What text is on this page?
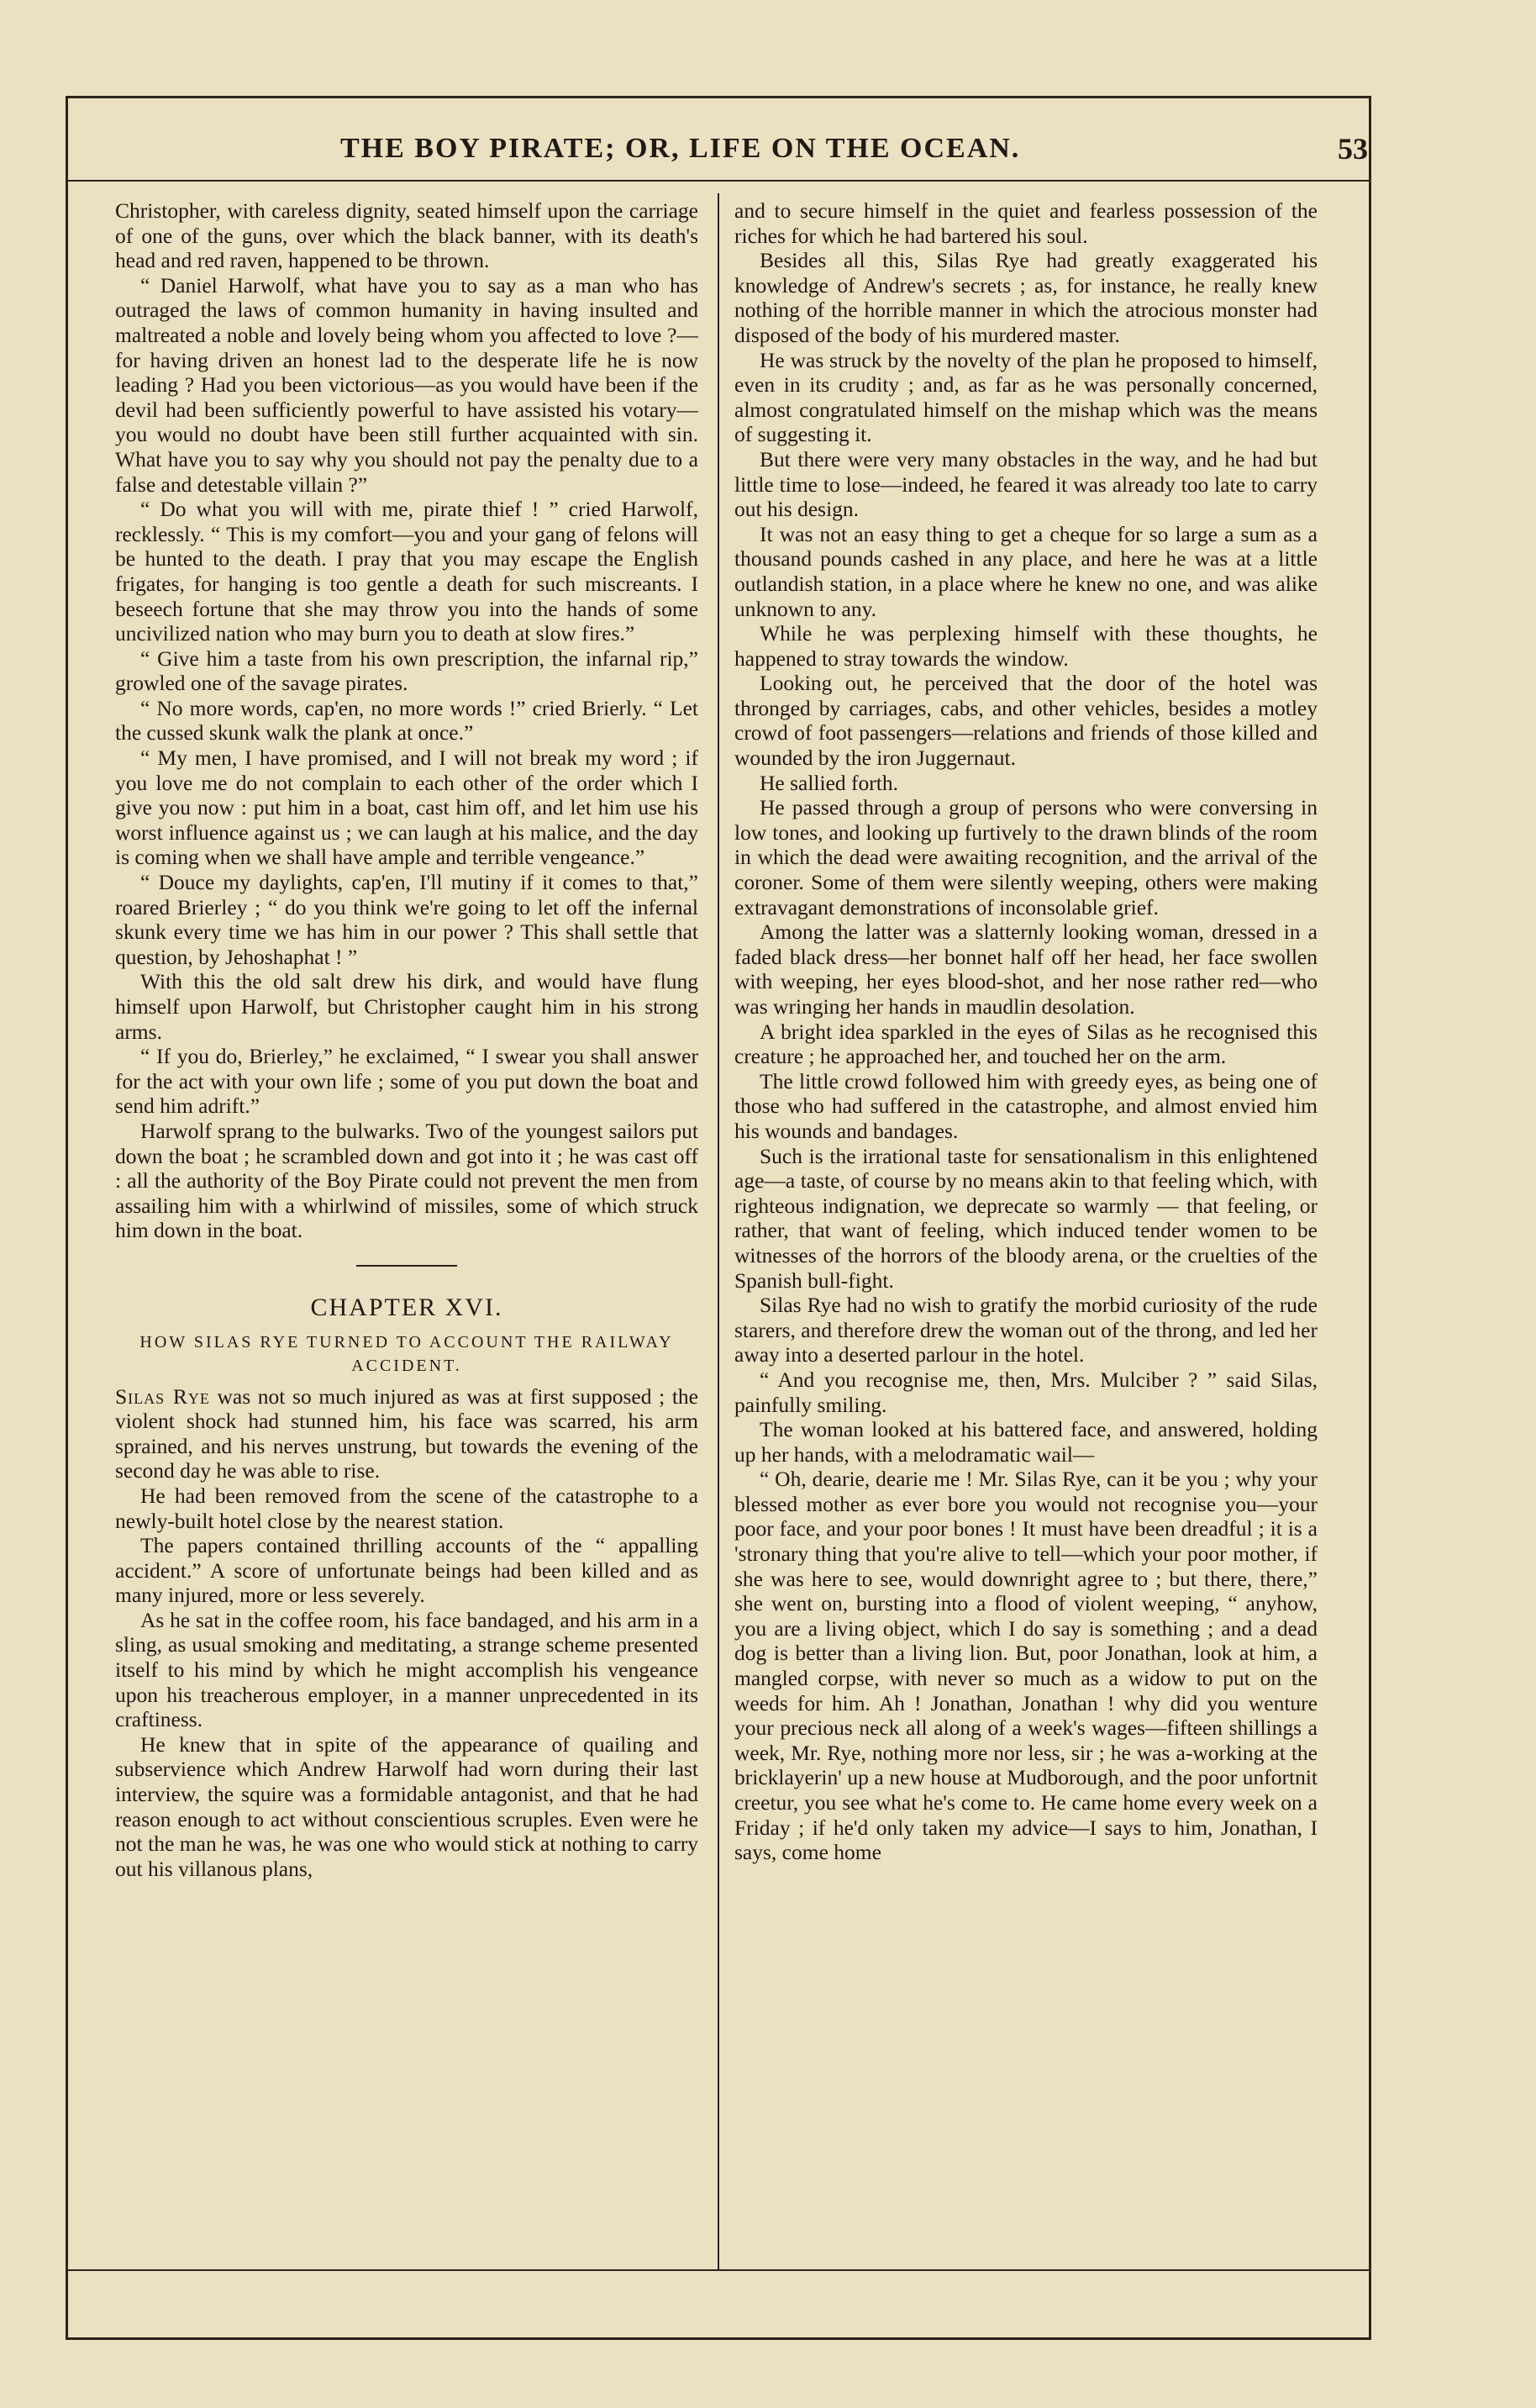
THE BOY PIRATE; OR, LIFE ON THE OCEAN.	53

Christopher, with careless dignity, seated himself upon the carriage of one of the guns, over which the black banner, with its death's head and red raven, happened to be thrown.

“ Daniel Harwolf, what have you to say as a man who has outraged the laws of common humanity in having insulted and maltreated a noble and lovely being whom you affected to love ?—for having driven an honest lad to the desperate life he is now leading ? Had you been victorious—as you would have been if the devil had been sufficiently powerful to have assisted his votary—you would no doubt have been still further acquainted with sin. What have you to say why you should not pay the penalty due to a false and detestable villain ?”

“ Do what you will with me, pirate thief ! ” cried Harwolf, recklessly. “ This is my comfort—you and your gang of felons will be hunted to the death. I pray that you may escape the English frigates, for hanging is too gentle a death for such miscreants. I beseech fortune that she may throw you into the hands of some uncivilized nation who may burn you to death at slow fires.”

“ Give him a taste from his own prescription, the infarnal rip,” growled one of the savage pirates.

“ No more words, cap'en, no more words !” cried Brierly. “ Let the cussed skunk walk the plank at once.”

“ My men, I have promised, and I will not break my word ; if you love me do not complain to each other of the order which I give you now : put him in a boat, cast him off, and let him use his worst influence against us ; we can laugh at his malice, and the day is coming when we shall have ample and terrible vengeance.”

“ Douce my daylights, cap'en, I'll mutiny if it comes to that,” roared Brierley ; “ do you think we're going to let off the infernal skunk every time we has him in our power ? This shall settle that question, by Jehoshaphat ! ”

With this the old salt drew his dirk, and would have flung himself upon Harwolf, but Christopher caught him in his strong arms.

“ If you do, Brierley,” he exclaimed, “ I swear you shall answer for the act with your own life ; some of you put down the boat and send him adrift.”

Harwolf sprang to the bulwarks. Two of the youngest sailors put down the boat ; he scrambled down and got into it ; he was cast off : all the authority of the Boy Pirate could not prevent the men from assailing him with a whirlwind of missiles, some of which struck him down in the boat.

CHAPTER XVI.
HOW SILAS RYE TURNED TO ACCOUNT THE RAILWAY ACCIDENT.

Silas Rye was not so much injured as was at first supposed ; the violent shock had stunned him, his face was scarred, his arm sprained, and his nerves unstrung, but towards the evening of the second day he was able to rise.

He had been removed from the scene of the catastrophe to a newly-built hotel close by the nearest station.

The papers contained thrilling accounts of the “ appalling accident.” A score of unfortunate beings had been killed and as many injured, more or less severely.

As he sat in the coffee room, his face bandaged, and his arm in a sling, as usual smoking and meditating, a strange scheme presented itself to his mind by which he might accomplish his vengeance upon his treacherous employer, in a manner unprecedented in its craftiness.

He knew that in spite of the appearance of quailing and subservience which Andrew Harwolf had worn during their last interview, the squire was a formidable antagonist, and that he had reason enough to act without conscientious scruples. Even were he not the man he was, he was one who would stick at nothing to carry out his villanous plans,

and to secure himself in the quiet and fearless possession of the riches for which he had bartered his soul.

Besides all this, Silas Rye had greatly exaggerated his knowledge of Andrew's secrets ; as, for instance, he really knew nothing of the horrible manner in which the atrocious monster had disposed of the body of his murdered master.

He was struck by the novelty of the plan he proposed to himself, even in its crudity ; and, as far as he was personally concerned, almost congratulated himself on the mishap which was the means of suggesting it.

But there were very many obstacles in the way, and he had but little time to lose—indeed, he feared it was already too late to carry out his design.

It was not an easy thing to get a cheque for so large a sum as a thousand pounds cashed in any place, and here he was at a little outlandish station, in a place where he knew no one, and was alike unknown to any.

While he was perplexing himself with these thoughts, he happened to stray towards the window.

Looking out, he perceived that the door of the hotel was thronged by carriages, cabs, and other vehicles, besides a motley crowd of foot passengers—relations and friends of those killed and wounded by the iron Juggernaut.

He sallied forth.

He passed through a group of persons who were conversing in low tones, and looking up furtively to the drawn blinds of the room in which the dead were awaiting recognition, and the arrival of the coroner. Some of them were silently weeping, others were making extravagant demonstrations of inconsolable grief.

Among the latter was a slatternly looking woman, dressed in a faded black dress—her bonnet half off her head, her face swollen with weeping, her eyes blood-shot, and her nose rather red—who was wringing her hands in maudlin desolation.

A bright idea sparkled in the eyes of Silas as he recognised this creature ; he approached her, and touched her on the arm.

The little crowd followed him with greedy eyes, as being one of those who had suffered in the catastrophe, and almost envied him his wounds and bandages.

Such is the irrational taste for sensationalism in this enlightened age—a taste, of course by no means akin to that feeling which, with righteous indignation, we deprecate so warmly — that feeling, or rather, that want of feeling, which induced tender women to be witnesses of the horrors of the bloody arena, or the cruelties of the Spanish bull-fight.

Silas Rye had no wish to gratify the morbid curiosity of the rude starers, and therefore drew the woman out of the throng, and led her away into a deserted parlour in the hotel.

“ And you recognise me, then, Mrs. Mulciber ? ” said Silas, painfully smiling.

The woman looked at his battered face, and answered, holding up her hands, with a melodramatic wail—

“ Oh, dearie, dearie me ! Mr. Silas Rye, can it be you ; why your blessed mother as ever bore you would not recognise you—your poor face, and your poor bones ! It must have been dreadful ; it is a 'stronary thing that you're alive to tell—which your poor mother, if she was here to see, would downright agree to ; but there, there,” she went on, bursting into a flood of violent weeping, “ anyhow, you are a living object, which I do say is something ; and a dead dog is better than a living lion. But, poor Jonathan, look at him, a mangled corpse, with never so much as a widow to put on the weeds for him. Ah ! Jonathan, Jonathan ! why did you wenture your precious neck all along of a week's wages—fifteen shillings a week, Mr. Rye, nothing more nor less, sir ; he was a-working at the bricklayerin' up a new house at Mudborough, and the poor unfortnit creetur, you see what he's come to. He came home every week on a Friday ; if he'd only taken my advice—I says to him, Jonathan, I says, come home
